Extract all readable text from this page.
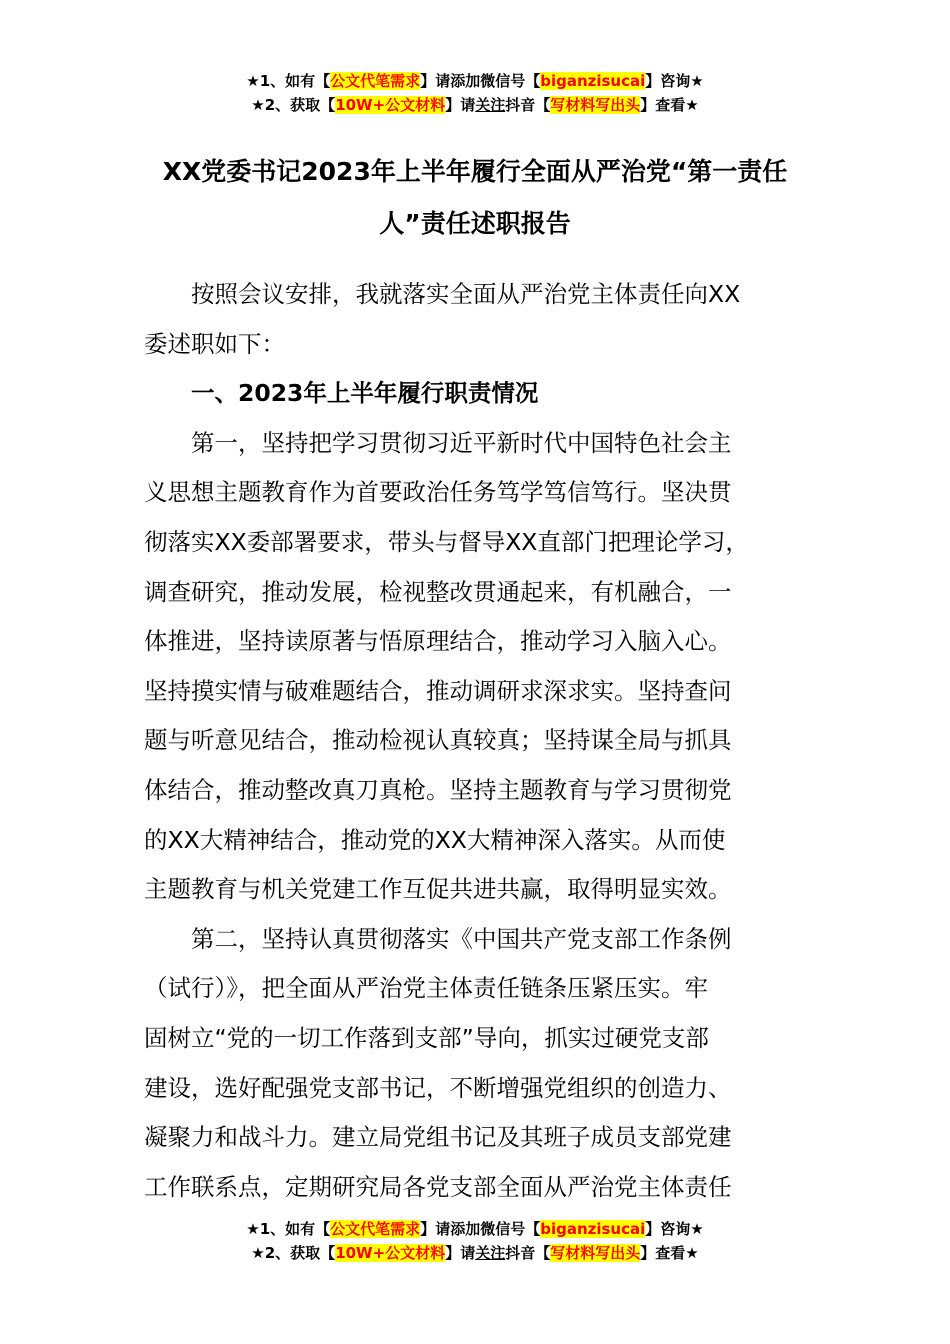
★1、如有【公文代笔需求】请添加微信号【biganzisucai】咨询★
★2、获取【10W+公文材料】请关注抖音【写材料写出头】查看★
XX党委书记2023年上半年履行全面从严治党“第一责任
人”责任述职报告
　　按照会议安排，我就落实全面从严治党主体责任向XX
委述职如下：
　　一、2023年上半年履行职责情况
　　第一，坚持把学习贯彻习近平新时代中国特色社会主
义思想主题教育作为首要政治任务笃学笃信笃行。坚决贯
彻落实XX委部署要求，带头与督导XX直部门把理论学习，
调查研究，推动发展，检视整改贯通起来，有机融合，一
体推进，坚持读原著与悟原理结合，推动学习入脑入心。
坚持摸实情与破难题结合，推动调研求深求实。坚持查问
题与听意见结合，推动检视认真较真；坚持谋全局与抓具
体结合，推动整改真刀真枪。坚持主题教育与学习贯彻党
的XX大精神结合，推动党的XX大精神深入落实。从而使
主题教育与机关党建工作互促共进共赢，取得明显实效。
　　第二，坚持认真贯彻落实《中国共产党支部工作条例
（试行）》，把全面从严治党主体责任链条压紧压实。牢
固树立“党的一切工作落到支部”导向，抓实过硬党支部
建设，选好配强党支部书记，不断增强党组织的创造力、
凝聚力和战斗力。建立局党组书记及其班子成员支部党建
工作联系点，定期研究局各党支部全面从严治党主体责任
★1、如有【公文代笔需求】请添加微信号【biganzisucai】咨询★
★2、获取【10W+公文材料】请关注抖音【写材料写出头】查看★
